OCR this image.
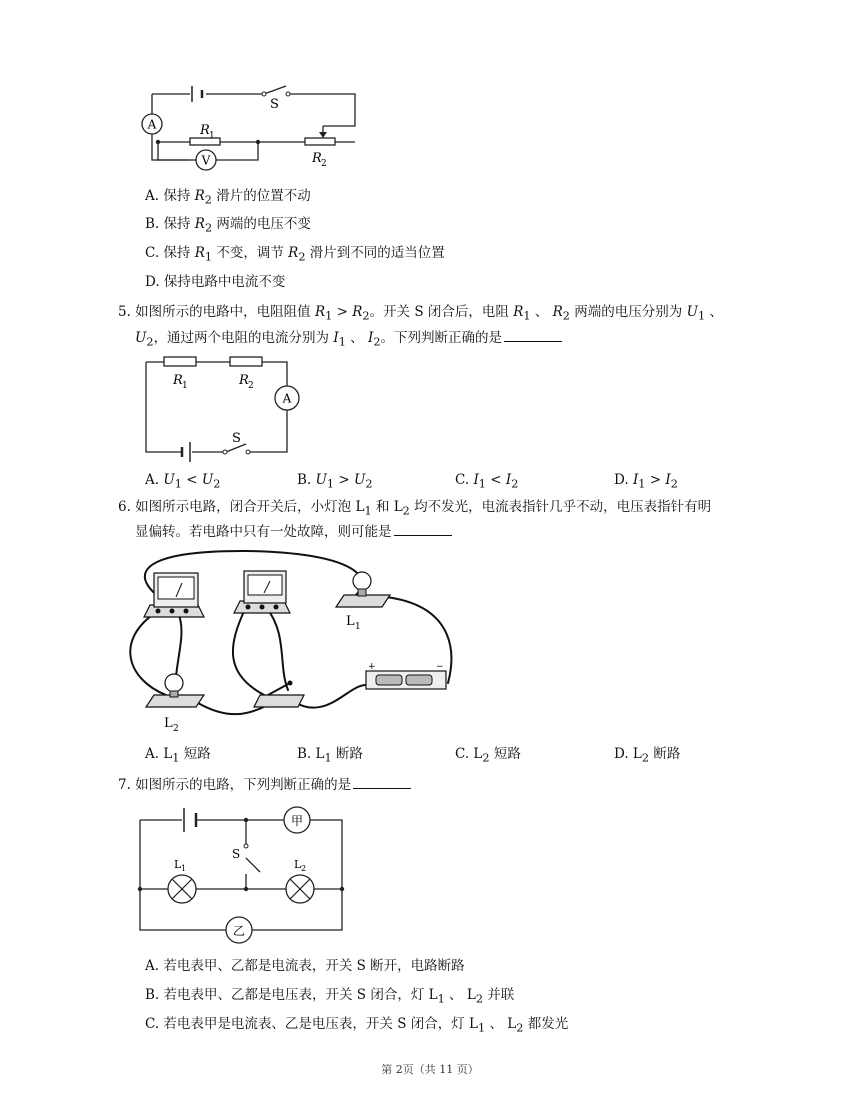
A
V
S
R 1
R 2
A. 保持 $R_2$ 滑片的位置不动
B. 保持 $R_2$ 两端的电压不变
C. 保持 $R_1$ 不变，调节 $R_2$ 滑片到不同的适当位置
D. 保持电路中电流不变
5. 如图所示的电路中，电阻阻值 $R_1 > R_2$。开关 S 闭合后，电阻 $R_1$ 、 $R_2$ 两端的电压分别为 $U_1$ 、
$U_2$，通过两个电阻的电流分别为 $I_1$ 、 $I_2$。下列判断正确的是
A
R 1	R 2
S
A. $U_1 < U_2$	B. $U_1 > U_2$	C. $I_1 < I_2$	D. $I_1 > I_2$
6. 如图所示电路，闭合开关后，小灯泡 $L_1$ 和 $L_2$ 均不发光，电流表指针几乎不动，电压表指针有明
显偏转。若电路中只有一处故障，则可能是
+	−
L 1
L 2
A. $L_1$ 短路	B. $L_1$ 断路	C. $L_2$ 短路	D. $L_2$ 断路
7. 如图所示的电路，下列判断正确的是
甲
乙
L 1	L 2
S
A. 若电表甲、乙都是电流表，开关 S 断开，电路断路
B. 若电表甲、乙都是电压表，开关 S 闭合，灯 $L_1$ 、 $L_2$ 并联
C. 若电表甲是电流表、乙是电压表，开关 S 闭合，灯 $L_1$ 、 $L_2$ 都发光
第 2页（共 11 页）
